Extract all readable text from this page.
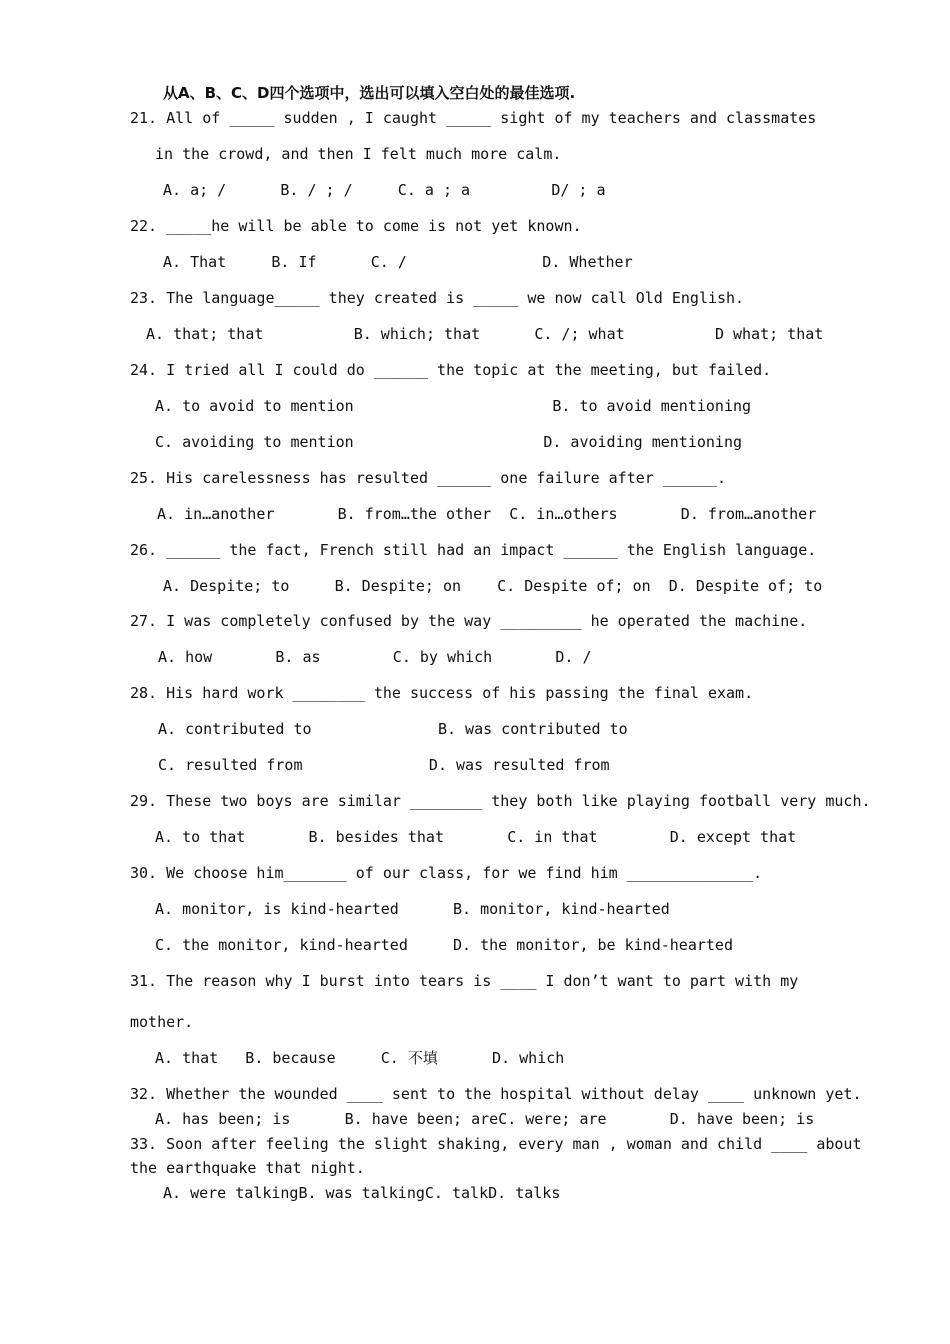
从A、B、C、D四个选项中，选出可以填入空白处的最佳选项.
21. All of _____ sudden , I caught _____ sight of my teachers and classmates
in the crowd, and then I felt much more calm.
A. a; /      B. / ; /     C. a ; a         D/ ; a
22. _____he will be able to come is not yet known.
A. That     B. If      C. /               D. Whether
23. The language_____ they created is _____ we now call Old English.
A. that; that          B. which; that      C. /; what          D what; that
24. I tried all I could do ______ the topic at the meeting, but failed.
A. to avoid to mention                      B. to avoid mentioning
C. avoiding to mention                     D. avoiding mentioning
25. His carelessness has resulted ______ one failure after ______.
A. in…another       B. from…the other  C. in…others       D. from…another
26. ______ the fact, French still had an impact ______ the English language.
A. Despite; to     B. Despite; on    C. Despite of; on  D. Despite of; to
27. I was completely confused by the way _________ he operated the machine.
A. how       B. as        C. by which       D. /
28. His hard work ________ the success of his passing the final exam.
A. contributed to              B. was contributed to
C. resulted from              D. was resulted from
29. These two boys are similar ________ they both like playing football very much.
A. to that       B. besides that       C. in that        D. except that
30. We choose him_______ of our class, for we find him ______________.
A. monitor, is kind-hearted      B. monitor, kind-hearted
C. the monitor, kind-hearted     D. the monitor, be kind-hearted
31. The reason why I burst into tears is ____ I don’t want to part with my
mother.
A. that   B. because     C. 不填      D. which
32. Whether the wounded ____ sent to the hospital without delay ____ unknown yet.
A. has been; is      B. have been; areC. were; are       D. have been; is
33. Soon after feeling the slight shaking, every man , woman and child ____ about
the earthquake that night.
A. were talkingB. was talkingC. talkD. talks
